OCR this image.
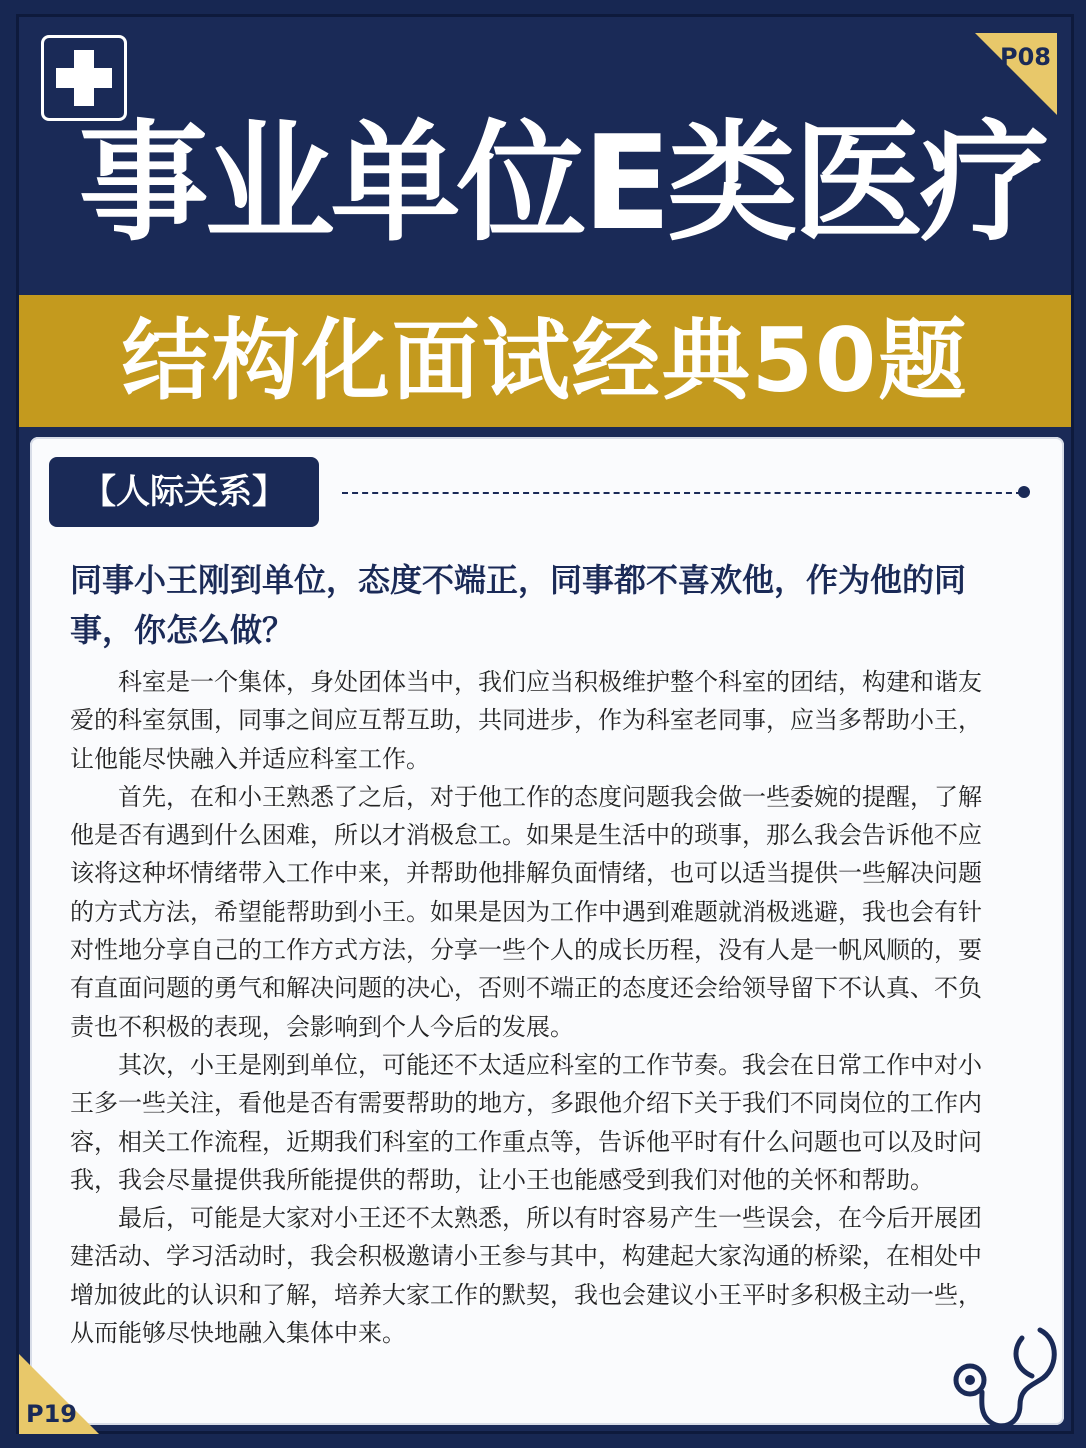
P08
事业单位E类医疗
结构化面试经典50题
【人际关系】
同事小王刚到单位，态度不端正，同事都不喜欢他，作为他的同事，你怎么做？

科室是一个集体，身处团体当中，我们应当积极维护整个科室的团结，构建和谐友爱的科室氛围，同事之间应互帮互助，共同进步，作为科室老同事，应当多帮助小王，让他能尽快融入并适应科室工作。

首先，在和小王熟悉了之后，对于他工作的态度问题我会做一些委婉的提醒，了解他是否有遇到什么困难，所以才消极怠工。如果是生活中的琐事，那么我会告诉他不应该将这种坏情绪带入工作中来，并帮助他排解负面情绪，也可以适当提供一些解决问题的方式方法，希望能帮助到小王。如果是因为工作中遇到难题就消极逃避，我也会有针对性地分享自己的工作方式方法，分享一些个人的成长历程，没有人是一帆风顺的，要有直面问题的勇气和解决问题的决心，否则不端正的态度还会给领导留下不认真、不负责也不积极的表现，会影响到个人今后的发展。

其次，小王是刚到单位，可能还不太适应科室的工作节奏。我会在日常工作中对小王多一些关注，看他是否有需要帮助的地方，多跟他介绍下关于我们不同岗位的工作内容，相关工作流程，近期我们科室的工作重点等，告诉他平时有什么问题也可以及时问我，我会尽量提供我所能提供的帮助，让小王也能感受到我们对他的关怀和帮助。

最后，可能是大家对小王还不太熟悉，所以有时容易产生一些误会，在今后开展团建活动、学习活动时，我会积极邀请小王参与其中，构建起大家沟通的桥梁，在相处中增加彼此的认识和了解，培养大家工作的默契，我也会建议小王平时多积极主动一些，从而能够尽快地融入集体中来。

P19
